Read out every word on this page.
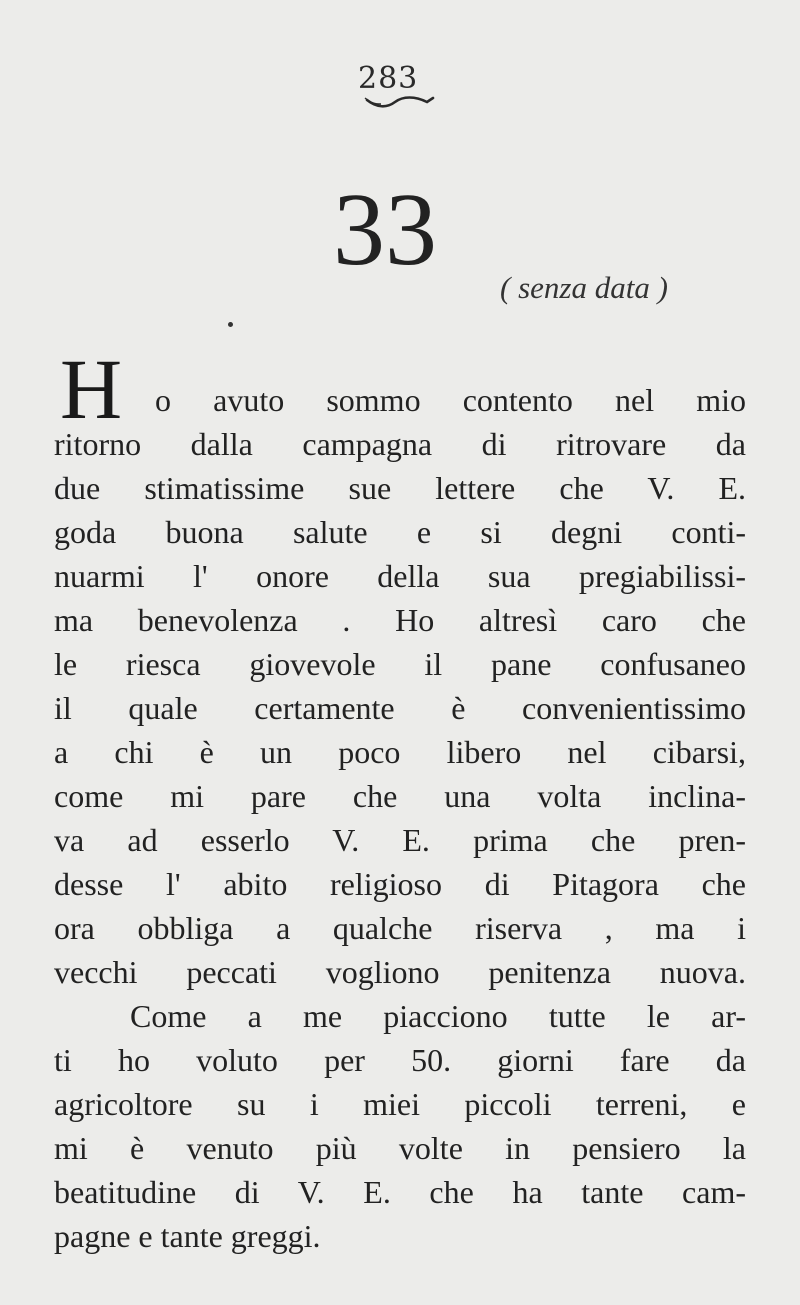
283
33
( senza data )
H o avuto sommo contento nel mio
ritorno dalla campagna di ritrovare da
due stimatissime sue lettere che V. E.
goda buona salute e si degni conti-
nuarmi l' onore della sua pregiabilissi-
ma benevolenza . Ho altresì caro che
le riesca giovevole il pane confusaneo
il quale certamente è convenientissimo
a chi è un poco libero nel cibarsi,
come mi pare che una volta inclina-
va ad esserlo V. E. prima che pren-
desse l' abito religioso di Pitagora che
ora obbliga a qualche riserva , ma i
vecchi peccati vogliono penitenza nuova.
Come a me piacciono tutte le ar-
ti ho voluto per 50. giorni fare da
agricoltore su i miei piccoli terreni, e
mi è venuto più volte in pensiero la
beatitudine di V. E. che ha tante cam-
pagne e tante greggi.
